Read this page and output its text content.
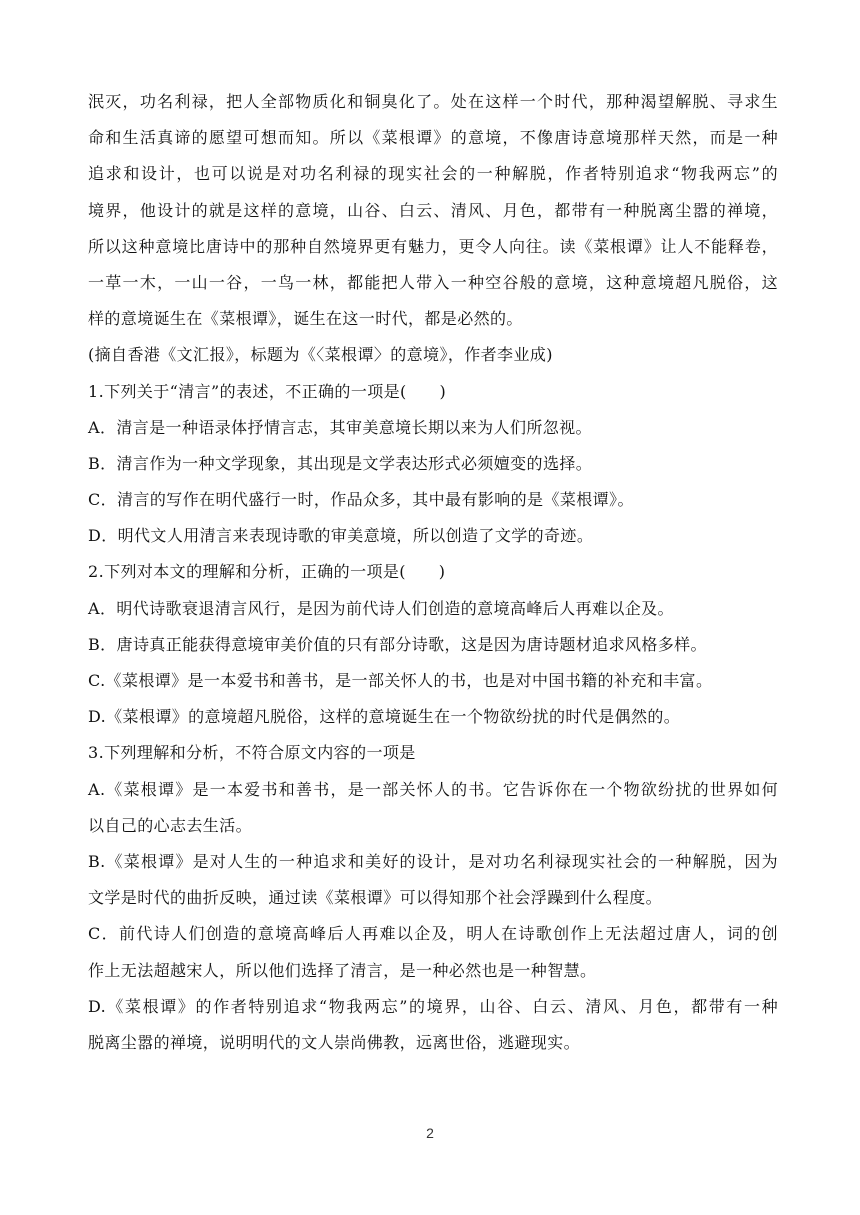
泯灭，功名利禄，把人全部物质化和铜臭化了。处在这样一个时代，那种渴望解脱、寻求生
命和生活真谛的愿望可想而知。所以《菜根谭》的意境，不像唐诗意境那样天然，而是一种
追求和设计，也可以说是对功名利禄的现实社会的一种解脱，作者特别追求“物我两忘”的
境界，他设计的就是这样的意境，山谷、白云、清风、月色，都带有一种脱离尘嚣的禅境，
所以这种意境比唐诗中的那种自然境界更有魅力，更令人向往。读《菜根谭》让人不能释卷，
一草一木，一山一谷，一鸟一林，都能把人带入一种空谷般的意境，这种意境超凡脱俗，这
样的意境诞生在《菜根谭》，诞生在这一时代，都是必然的。
(摘自香港《文汇报》，标题为《〈菜根谭〉的意境》，作者李业成)
1.下列关于“清言”的表述，不正确的一项是(　　)
A．清言是一种语录体抒情言志，其审美意境长期以来为人们所忽视。
B．清言作为一种文学现象，其出现是文学表达形式必须嬗变的选择。
C．清言的写作在明代盛行一时，作品众多，其中最有影响的是《菜根谭》。
D．明代文人用清言来表现诗歌的审美意境，所以创造了文学的奇迹。
2.下列对本文的理解和分析，正确的一项是(　　)
A．明代诗歌衰退清言风行，是因为前代诗人们创造的意境高峰后人再难以企及。
B．唐诗真正能获得意境审美价值的只有部分诗歌，这是因为唐诗题材追求风格多样。
C.《菜根谭》是一本爱书和善书，是一部关怀人的书，也是对中国书籍的补充和丰富。
D.《菜根谭》的意境超凡脱俗，这样的意境诞生在一个物欲纷扰的时代是偶然的。
3.下列理解和分析，不符合原文内容的一项是
A.《菜根谭》是一本爱书和善书，是一部关怀人的书。它告诉你在一个物欲纷扰的世界如何
以自己的心志去生活。
B.《菜根谭》是对人生的一种追求和美好的设计，是对功名利禄现实社会的一种解脱，因为
文学是时代的曲折反映，通过读《菜根谭》可以得知那个社会浮躁到什么程度。
C．前代诗人们创造的意境高峰后人再难以企及，明人在诗歌创作上无法超过唐人，词的创
作上无法超越宋人，所以他们选择了清言，是一种必然也是一种智慧。
D.《菜根谭》的作者特别追求“物我两忘”的境界，山谷、白云、清风、月色，都带有一种
脱离尘嚣的禅境，说明明代的文人崇尚佛教，远离世俗，逃避现实。
2
